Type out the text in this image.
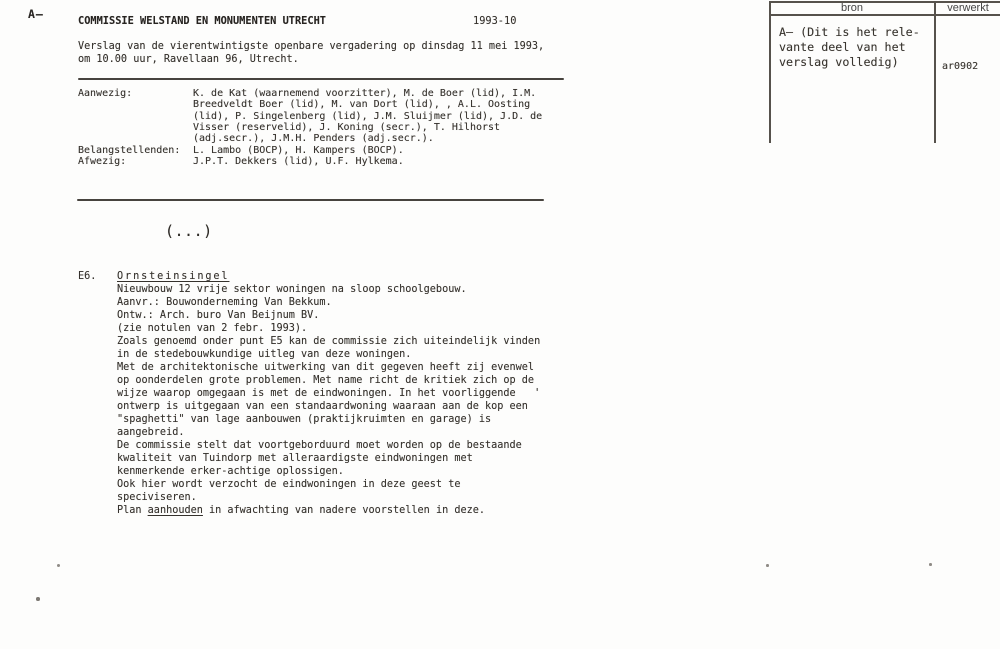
A–	COMMISSIE WELSTAND EN MONUMENTEN UTRECHT	1993-10
Verslag van de vierentwintigste openbare vergadering op dinsdag 11 mei 1993,
om 10.00 uur, Ravellaan 96, Utrecht.
Aanwezig:	K. de Kat (waarnemend voorzitter), M. de Boer (lid), I.M.
Breedveldt Boer (lid), M. van Dort (lid), , A.L. Oosting
(lid), P. Singelenberg (lid), J.M. Sluijmer (lid), J.D. de
Visser (reservelid), J. Koning (secr.), T. Hilhorst
(adj.secr.), J.M.H. Penders (adj.secr.).
Belangstellenden:	L. Lambo (BOCP), H. Kampers (BOCP).
Afwezig:	J.P.T. Dekkers (lid), U.F. Hylkema.
(...)
E6. Ornsteinsingel
Nieuwbouw 12 vrije sektor woningen na sloop schoolgebouw.
Aanvr.: Bouwonderneming Van Bekkum.
Ontw.: Arch. buro Van Beijnum BV.
(zie notulen van 2 febr. 1993).
Zoals genoemd onder punt E5 kan de commissie zich uiteindelijk vinden
in de stedebouwkundige uitleg van deze woningen.
Met de architektonische uitwerking van dit gegeven heeft zij evenwel
op oonderdelen grote problemen. Met name richt de kritiek zich op de
wijze waarop omgegaan is met de eindwoningen. In het voorliggende   '
ontwerp is uitgegaan van een standaardwoning waaraan aan de kop een
"spaghetti" van lage aanbouwen (praktijkruimten en garage) is
aangebreid.
De commissie stelt dat voortgeborduurd moet worden op de bestaande
kwaliteit van Tuindorp met alleraardigste eindwoningen met
kenmerkende erker-achtige oplossigen.
Ook hier wordt verzocht de eindwoningen in deze geest te
speciviseren.
Plan aanhouden in afwachting van nadere voorstellen in deze.
bron	verwerkt
A– (Dit is het rele-
vante deel van het
verslag volledig)	ar0902
